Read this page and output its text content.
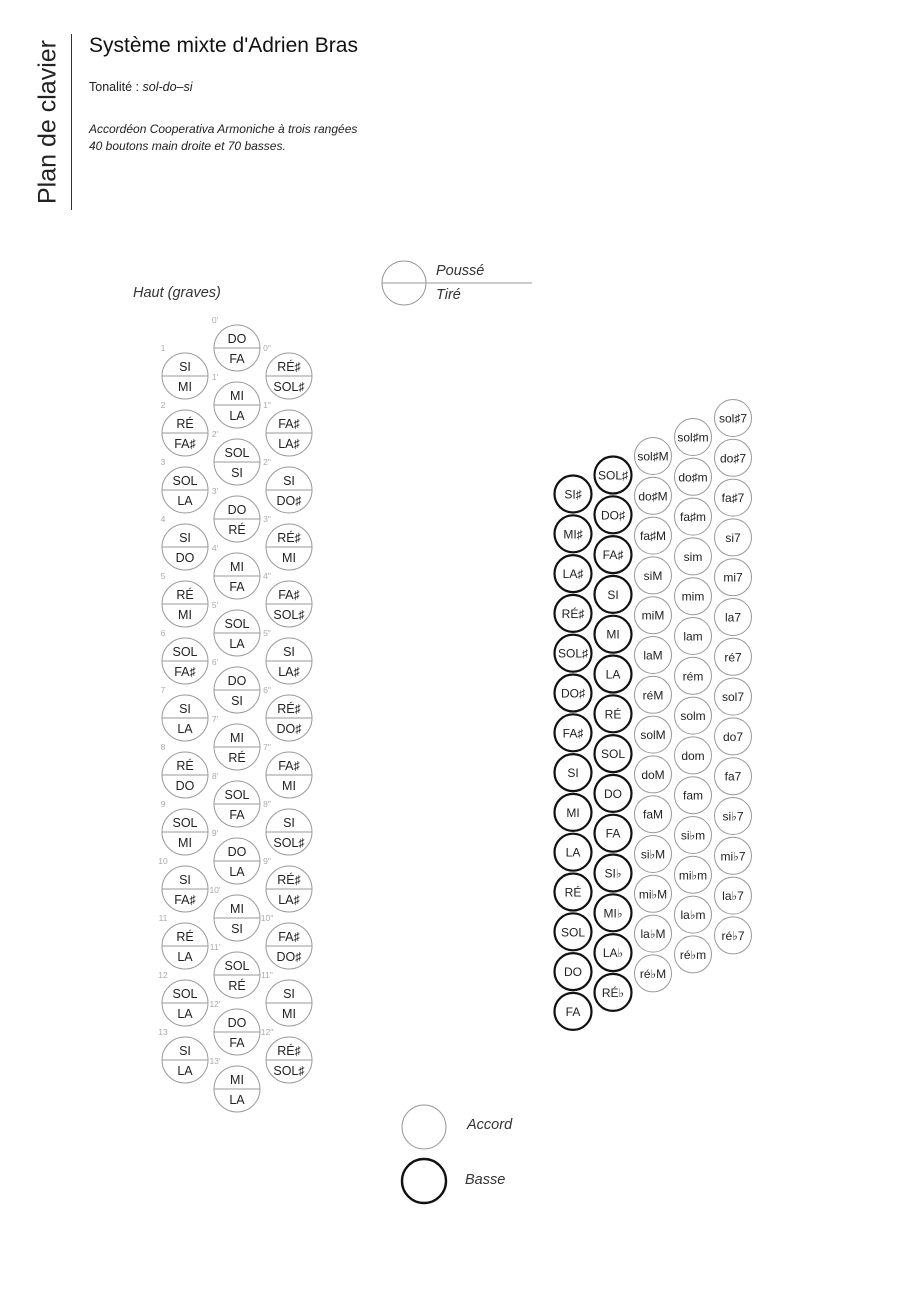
Plan de clavier Système mixte d'Adrien Bras
Tonalité : sol-do–si
Accordéon Cooperativa Armoniche à trois rangées
40 boutons main droite et 70 basses.
SI
MI
1
RÉ
FA♯
2
SOL
LA
3
SI
DO
4
RÉ
MI
5
SOL
FA♯
6
SI
LA
7
RÉ
DO
8
SOL
MI
9
SI
FA♯
10
RÉ
LA
11
SOL
LA
12
SI
LA
13
DO
FA
0'
MI
LA
1'
SOL
SI
2'
DO
RÉ
3'
MI
FA
4'
SOL
LA
5'
DO
SI
6'
MI
RÉ
7'
SOL
FA
8'
DO
LA
9'
MI
SI
10'
SOL
RÉ
11'
DO
FA
12'
MI
LA
13'
RÉ♯
SOL♯
0"
FA♯
LA♯
1"
SI
DO♯
2"
RÉ♯
MI
3"
FA♯
SOL♯
4"
SI
LA♯
5"
RÉ♯
DO♯
6"
FA♯
MI
7"
SI
SOL♯
8"
RÉ♯
LA♯
9"
FA♯
DO♯
10"
SI
MI
11"
RÉ♯
SOL♯
12"
SI♯
MI♯
LA♯
RÉ♯
SOL♯
DO♯
FA♯
SI
MI
LA
RÉ
SOL
DO
FA
SOL♯
DO♯
FA♯
SI
MI
LA
RÉ
SOL
DO
FA
SI♭
MI♭
LA♭
RÉ♭
sol♯M
do♯M
fa♯M
siM
miM
laM
réM
solM
doM
faM
si♭M
mi♭M
la♭M
ré♭M
sol♯m
do♯m
fa♯m
sim
mim
lam
rém
solm
dom
fam
si♭m
mi♭m
la♭m
ré♭m
sol♯7
do♯7
fa♯7
si7
mi7
la7
ré7
sol7
do7
fa7
si♭7
mi♭7
la♭7
ré♭7
Poussé
Tiré
Haut (graves)
Accord
Basse
